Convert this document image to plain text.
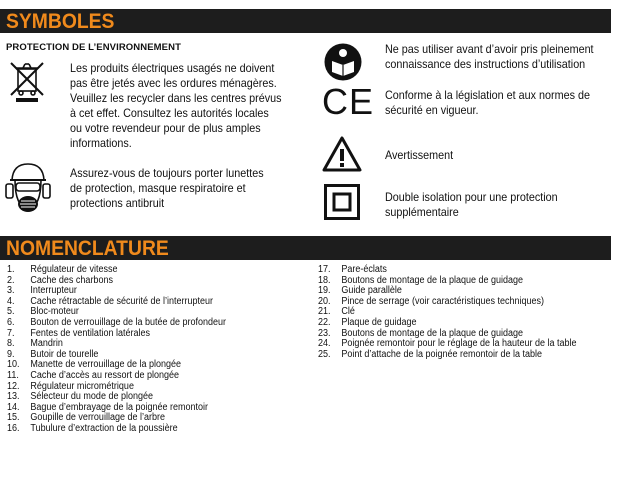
SYMBOLES
PROTECTION DE L’ENVIRONNEMENT
Les produits électriques usagés ne doivent
pas être jetés avec les ordures ménagères.
Veuillez les recycler dans les centres prévus
à cet effet. Consultez les autorités locales
ou votre revendeur pour de plus amples
informations.
Assurez-vous de toujours porter lunettes
de protection, masque respiratoire et
protections antibruit
Ne pas utiliser avant d’avoir pris pleinement
connaissance des instructions d’utilisation
CE Conforme à la législation et aux normes de
sécurité en vigueur.
Avertissement
Double isolation pour une protection
supplémentaire
NOMENCLATURE
1.	Régulateur de vitesse
2.	Cache des charbons
3.	Interrupteur
4.	Cache rétractable de sécurité de l’interrupteur
5.	Bloc-moteur
6.	Bouton de verrouillage de la butée de profondeur
7.	Fentes de ventilation latérales
8.	Mandrin
9.	Butoir de tourelle
10.	Manette de verrouillage de la plongée
11.	Cache d’accès au ressort de plongée
12.	Régulateur micrométrique
13.	Sélecteur du mode de plongée
14.	Bague d’embrayage de la poignée remontoir
15.	Goupille de verrouillage de l’arbre
16.	Tubulure d’extraction de la poussière
17.	Pare-éclats
18.	Boutons de montage de la plaque de guidage
19.	Guide parallèle
20.	Pince de serrage (voir caractéristiques techniques)
21.	Clé
22.	Plaque de guidage
23.	Boutons de montage de la plaque de guidage
24.	Poignée remontoir pour le réglage de la hauteur de la table
25.	Point d’attache de la poignée remontoir de la table
